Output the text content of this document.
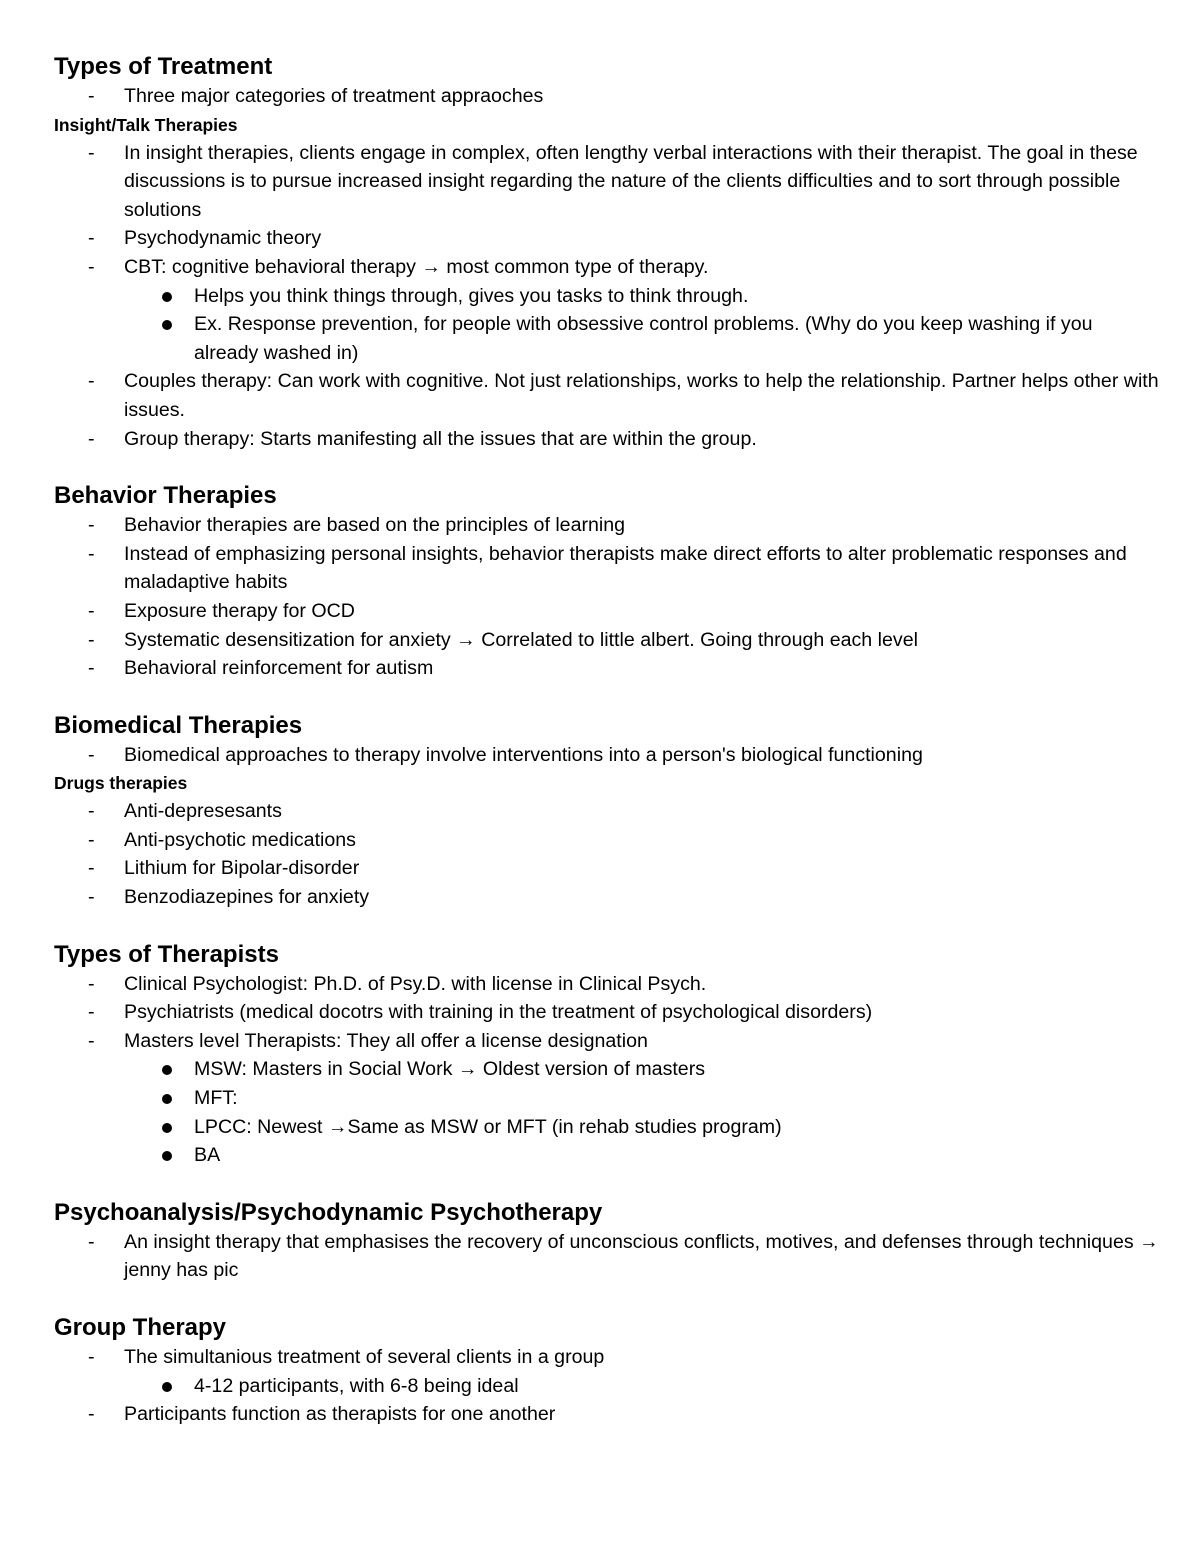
Types of Treatment
- Three major categories of treatment appraoches
Insight/Talk Therapies
- In insight therapies, clients engage in complex, often lengthy verbal interactions with their therapist. The goal in these discussions is to pursue increased insight regarding the nature of the clients difficulties and to sort through possible solutions
- Psychodynamic theory
- CBT: cognitive behavioral therapy → most common type of therapy.
Helps you think things through, gives you tasks to think through.
Ex. Response prevention, for people with obsessive control problems. (Why do you keep washing if you already washed in)
- Couples therapy: Can work with cognitive. Not just relationships, works to help the relationship. Partner helps other with issues.
- Group therapy: Starts manifesting all the issues that are within the group.
Behavior Therapies
- Behavior therapies are based on the principles of learning
- Instead of emphasizing personal insights, behavior therapists make direct efforts to alter problematic responses and maladaptive habits
- Exposure therapy for OCD
- Systematic desensitization for anxiety → Correlated to little albert. Going through each level
- Behavioral reinforcement for autism
Biomedical Therapies
- Biomedical approaches to therapy involve interventions into a person's biological functioning
Drugs therapies
- Anti-depresesants
- Anti-psychotic medications
- Lithium for Bipolar-disorder
- Benzodiazepines for anxiety
Types of Therapists
- Clinical Psychologist: Ph.D. of Psy.D. with license in Clinical Psych.
- Psychiatrists (medical docotrs with training in the treatment of psychological disorders)
- Masters level Therapists: They all offer a license designation
MSW: Masters in Social Work → Oldest version of masters
MFT:
LPCC: Newest →Same as MSW or MFT (in rehab studies program)
BA
Psychoanalysis/Psychodynamic Psychotherapy
- An insight therapy that emphasises the recovery of unconscious conflicts, motives, and defenses through techniques → jenny has pic
Group Therapy
- The simultanious treatment of several clients in a group
4-12 participants, with 6-8 being ideal
- Participants function as therapists for one another
